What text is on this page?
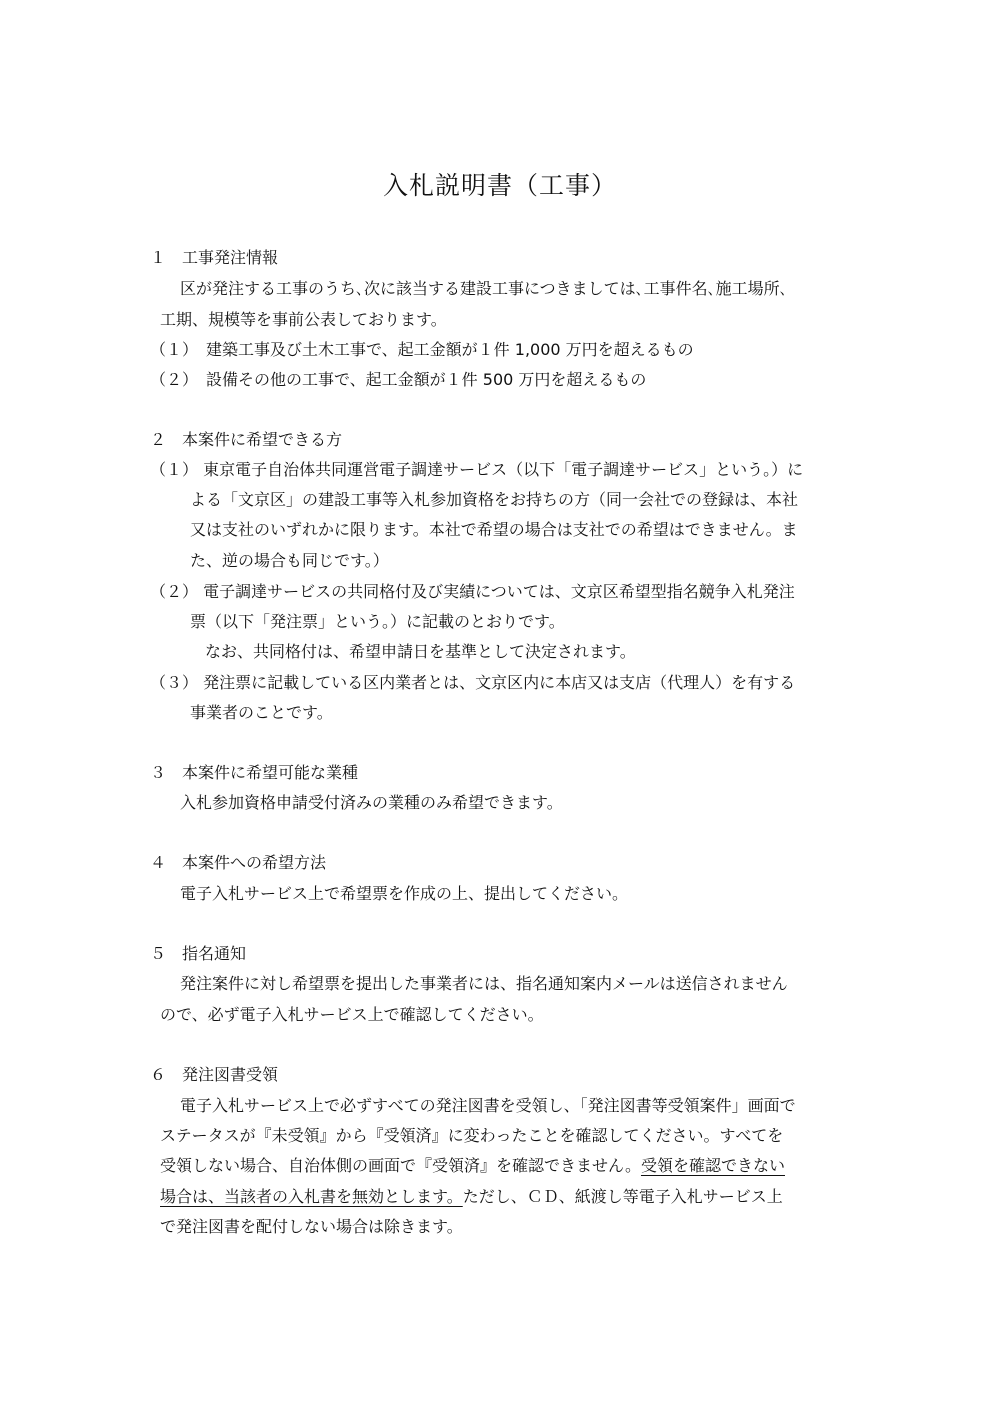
入札説明書（工事）
１　工事発注情報
区が発注する工事のうち､次に該当する建設工事につきましては､工事件名､施工場所､
工期、規模等を事前公表しております。
（１）　建築工事及び土木工事で、起工金額が１件 1,000 万円を超えるもの
（２）　設備その他の工事で、起工金額が１件 500 万円を超えるもの
２　本案件に希望できる方
（１） 東京電子自治体共同運営電子調達サービス（以下「電子調達サービス」という。）に
よる「文京区」の建設工事等入札参加資格をお持ちの方（同一会社での登録は、本社
又は支社のいずれかに限ります。本社で希望の場合は支社での希望はできません。ま
た、逆の場合も同じです。）
（２） 電子調達サービスの共同格付及び実績については、文京区希望型指名競争入札発注
票（以下「発注票」という。）に記載のとおりです。
なお、共同格付は、希望申請日を基準として決定されます。
（３） 発注票に記載している区内業者とは、文京区内に本店又は支店（代理人）を有する
事業者のことです。
３　本案件に希望可能な業種
入札参加資格申請受付済みの業種のみ希望できます。
４　本案件への希望方法
電子入札サービス上で希望票を作成の上、提出してください。
５　指名通知
発注案件に対し希望票を提出した事業者には、指名通知案内メールは送信されません
ので、必ず電子入札サービス上で確認してください。
６　発注図書受領
電子入札サービス上で必ずすべての発注図書を受領し、「発注図書等受領案件」画面で
ステータスが『未受領』から『受領済』に変わったことを確認してください。すべてを
受領しない場合、自治体側の画面で『受領済』を確認できません。受領を確認できない
場合は、当該者の入札書を無効とします。ただし、ＣＤ、紙渡し等電子入札サービス上
で発注図書を配付しない場合は除きます。
